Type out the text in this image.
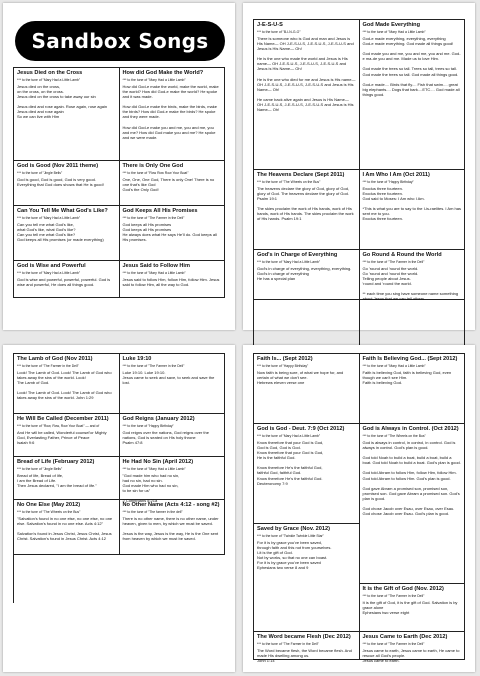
Sandbox Songs
Jesus Died on the Cross
*** to the tune of "Mary Had a Little Lamb"
Jesus died on the cross,
on the cross, on the cross.
Jesus died on the cross to take away our sin

Jesus died and rose again. Rose again, rose again
Jesus died and rose again
So we can live with Him
How did God Make the World?
*** to the tune of "Mary Had a Little Lamb"
How did God-e make the world, make the world, make the world? How did God-e make the world? He spoke and it was made.

How did God-e make the birds, make the birds, make the birds? How did God-e make the birds? He spoke and they were made.

How did God-e make you and me, you and me, you and me? How did God make you and me? He spoke and we were made.
God is Good (Nov 2011 theme)
*** to the tune of "Jingle Bells"
God is good, God is good, God is very good. Everything that God does shows that He is good!
There is Only One God
*** to the tune of "Row Row Row Your Boat"
One, One, One God, There is only One! There is no one that's like God
God's the Only God!
Can You Tell Me What God's Like?
*** to the tune of "Mary Had a Little Lamb"
Can you tell me what God's like,
what God's like, what God's like?
Can you tell me what God's like?
God keeps all His promises (or made everything)
God Keeps All His Promises
*** to the tune of "The Farmer in the Dell"
God keeps all His promises
God keeps all His promises
He always does what He says He'll do. God keeps all His promises.
God is Wise and Powerful
*** to the tune of "Mary Had a Little Lamb"
God is wise and powerful, powerful, powerful. God is wise and powerful, He does all things good.
Jesus Said to Follow Him
*** to the tune of "Mary Had a Little Lamb"
Jesus said to follow Him, follow Him, follow Him. Jesus said to follow Him, all the way to God.
J-E-S-U-S
*** to the tune of "B-I-N-G-O"
There is someone who is God and man and Jesus is His Name— OH J-E-S-U-S, J-E-S-U-S, J-E-S-U-S and Jesus is His Name— Oh!

He is the one who made the world and Jesus is His name— OH J-E-S-U-S, J-E-S-U-S, J-E-S-U-S and Jesus is His Name— Oh!

He is the one who died for me and Jesus is His name— OH J-E-S-U-S, J-E-S-U-S, J-E-S-U-S and Jesus is His Name— Oh!

He came back alive again and Jesus is His Name— OH J-E-S-U-S, J-E-S-U-S, J-E-S-U-S and Jesus is His Name— Oh!
God Made Everything
*** to the tune of "Mary Had a Little Lamb"
God-e made everything, everything, everything
God-e made everything. God made all things good!

God made you and me, you and me, you and me. God-e ma-de you and me. Made us to love Him.

God made the trees so tall. Trees so tall, trees so tall. God made the trees so tall. God made all things good.

God-e made.... Birds that fly.... Fish that swim.... great big elephants.... Dogs that bark....ETC.... God made all things good.
The Heavens Declare (Sept 2011)
*** to the tune of "The Wheels on the Bus"
The heavens declare the glory of God, glory of God, glory of God. The heavens declare the glory of God. Psalm 19:1

The skies proclaim the work of His hands, work of His hands, work of His hands. The skies proclaim the work of His hands. Psalm 19:1
I Am Who I Am (Oct 2011)
*** to the tune of "Happy Birthday"
Exodus three fourteen.
Exodus three fourteen.
God said to Moses: I Am who I Am.

*This is what you are to say to the I-is-raelites. I Am has sent me to you.
Exodus three fourteen.
God's in Charge of Everything
*** to the tune of "Mary Had a Little Lamb"
God's in charge of everything, everything, everything.
God's in charge of everything
He has a special plan
Go Round & Round the World
*** to the tune of "The Farmer in the Dell"
Go 'round and 'round the world.
Go 'round and 'round the world.
Telling people about Jesus.
'round and 'round the world.

** each time you sing have someone name something about Jesus that we can tell others
The Lamb of God (Nov 2011)
*** to the tune of "The Farmer in the Dell"
Look! The Lamb of God. Look! The Lamb of God who takes away the sins of the world. Look!
The Lamb of God.

Look! The Lamb of God. Look! The Lamb of God who takes away the sins of the world. John 1:29
Luke 19:10
*** to the tune of "The Farmer in the Dell"
Luke 19:10. Luke 19:10.
Jesus came to seek and save, to seek and save the lost.
He Will Be Called (December 2011)
*** to the tune of "Row, Row, Row Your Boat" — and of
And He will be called, Wonderful counsel'or Mighty God, Everlasting Father, Prince of Peace
Isaiah 9:6
God Reigns (January 2012)
*** to the tune of "Happy Birthday"
God reigns over the nations, God reigns over the nations, God is seated on His holy throne
Psalm 47:8
Bread of Life (February 2012)
*** to the tune of "Jingle Bells"
Bread of life, Bread of life,
I am the Bread of Life.
Then Jesus declared, "I am the bread of life."
He Had No Sin (April 2012)
*** to the tune of "Mary Had a Little Lamb"
"God made him who had no sin,
had no sin, had no sin.
God made Him who had no sin,
to be sin for us"

2 Corinthians 5:21a
No One Else (May 2012)
*** to the tune of "The Wheels on the Bus"
"Salvation's found in no one else, no one else, no one else. Salvation's found in no one else. Acts 4:12"

Salvation's found in Jesus Christ, Jesus Christ, Jesus Christ. Salvation's found in Jesus Christ. Acts 4:12
No Other Name (Acts 4:12 - song #2)
*** to the tune of "The farmer in the dell"
There is no other name, there is no other name, under heaven, given to men, by which we must be saved.

Jesus is the way, Jesus is the way, He is the One sent from heaven by which we must be saved.
Faith Is... (Sept 2012)
*** to the tune of "Happy Birthday"
Now faith is being sure, of what we hope for, and certain of what we don't see.
Hebrews eleven verse one
Faith Is Believing God... (Sept 2012)
*** to the tune of "Mary Had a Little Lamb"
Faith is believing God, faith is believing God, even though we can't see Him.
Faith is believing God.
God is God - Deut. 7:9 (Oct 2012)
*** to the tune of "Mary Had a Little Lamb"
Know therefore that your God is God,
God is God, God is God.
Know therefore that your God is God,
He is the faithful God.

Know therefore He's the faithful God,
faithful God, faithful God.
Know therefore He's the faithful God.
Deuteronomy 7:9
God is Always in Control. (Oct 2012)
*** to the tune of "The Wheels on the Bus"
God is always in control, in control, in control. God is always in control. God's plan is good.

God told Noah to build a boat, build a boat, build a boat. God told Noah to build a boat. God's plan is good.

God told Abram to follow Him, follow Him, follow Him. God told Abram to follow Him. God's plan is good.

God gave Abram a promised son, promised son, promised son. God gave Abram a promised son. God's plan is good.

God chose Jacob over Esau, over Esau, over Esau. God chose Jacob over Esau. God's plan is good.
Saved by Grace (Nov. 2012)
*** to the tune of "Twinkle Twinkle Little Star"
For it is by grace you've been saved,
through faith and this not from yourselves.
I-it is the gift of God.
Not by works, so that no one can boast.
For it is by grace you've been saved
Ephesians two verse 8 and 9
It is the Gift of God (Nov. 2012)
*** to the tune of "The Farmer in the Dell"
It is the gift of God, it is the gift of God. Salvation is by grace alone
Ephesians two verse eight
The Word became Flesh (Dec 2012)
*** to the tune of "The Farmer in the Dell"
The Word became flesh, the Word became flesh. And made His dwelling among us.
John 1:14
Jesus Came to Earth (Dec 2012)
*** to the tune of "The Farmer in the Dell"
Jesus came to earth, Jesus came to earth, He came to rescue all God's people.
Jesus came to earth.
